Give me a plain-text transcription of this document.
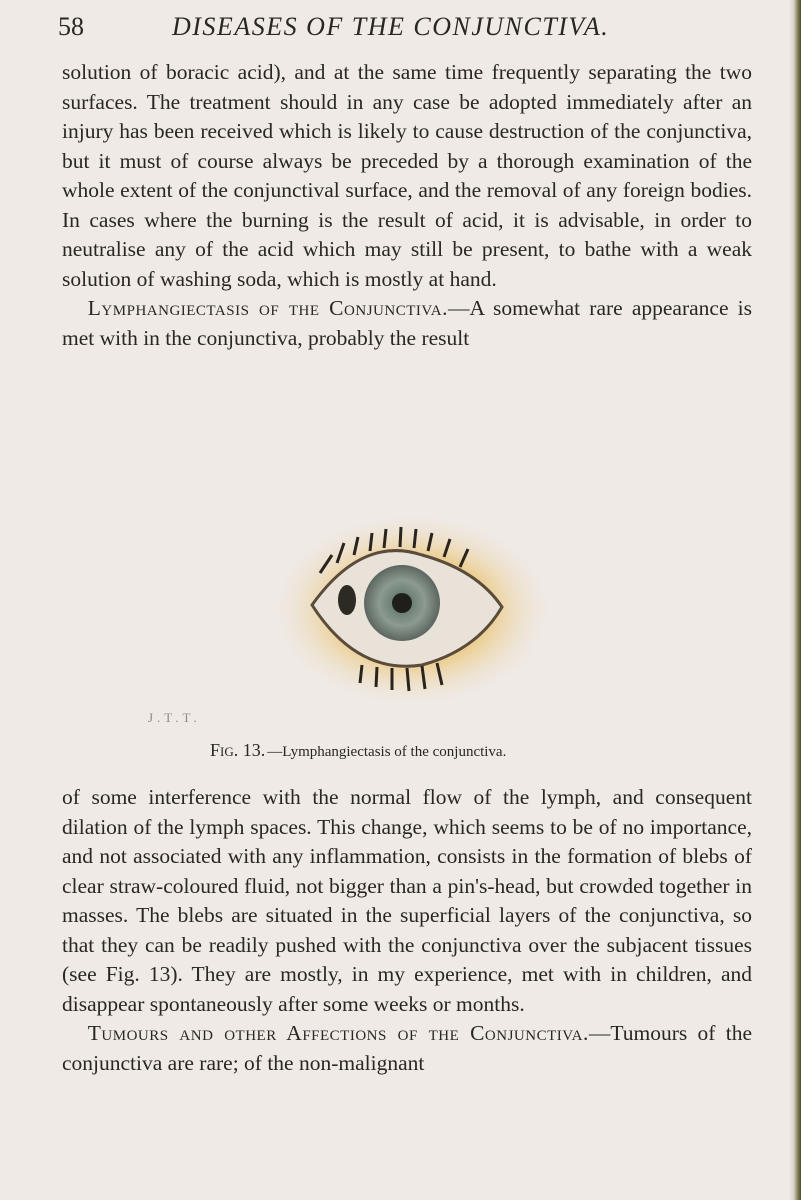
58	DISEASES OF THE CONJUNCTIVA.

solution of boracic acid), and at the same time frequently separating the two surfaces. The treatment should in any case be adopted immediately after an injury has been received which is likely to cause destruction of the conjunctiva, but it must of course always be preceded by a thorough examination of the whole extent of the conjunctival surface, and the removal of any foreign bodies. In cases where the burning is the result of acid, it is advisable, in order to neutralise any of the acid which may still be present, to bathe with a weak solution of washing soda, which is mostly at hand.

Lymphangiectasis of the Conjunctiva.—A somewhat rare appearance is met with in the conjunctiva, probably the result

J.T.T.
Fig. 13. —Lymphangiectasis of the conjunctiva.

of some interference with the normal flow of the lymph, and consequent dilation of the lymph spaces. This change, which seems to be of no importance, and not associated with any inflammation, consists in the formation of blebs of clear straw-coloured fluid, not bigger than a pin's-head, but crowded together in masses. The blebs are situated in the superficial layers of the conjunctiva, so that they can be readily pushed with the conjunctiva over the subjacent tissues (see Fig. 13). They are mostly, in my experience, met with in children, and disappear spontaneously after some weeks or months.

Tumours and other Affections of the Conjunctiva.—Tumours of the conjunctiva are rare; of the non-malignant
